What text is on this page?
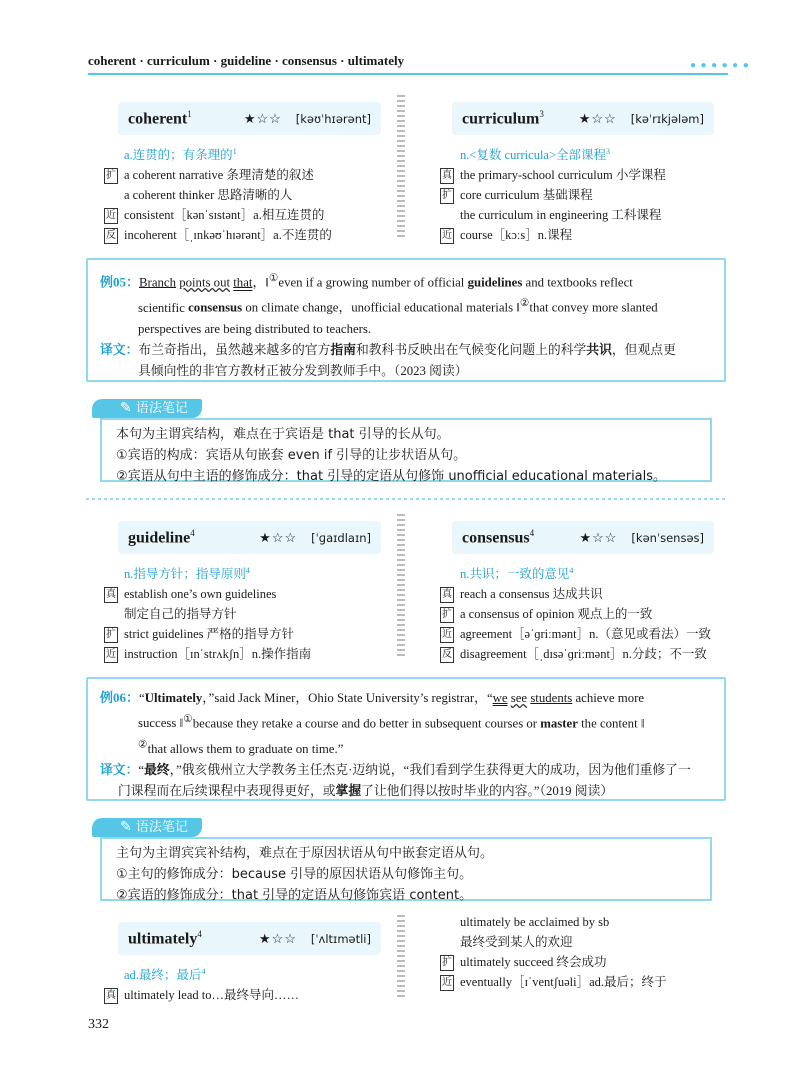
coherent · curriculum · guideline · consensus · ultimately	● ● ● ● ● ●
coherent$^1$	★☆☆ [kəʊˈhɪərənt]
a.连贯的；有条理的$^1$
扩 a coherent narrative 条理清楚的叙述
a coherent thinker 思路清晰的人
近 consistent［kənˈsɪstənt］a.相互连贯的
反 incoherent［ˌɪnkəʊˈhɪərənt］a.不连贯的
curriculum$^3$	★☆☆ [kəˈrɪkjələm]
n.<复数 curricula>全部课程$^3$
真 the primary-school curriculum 小学课程
扩 core curriculum 基础课程
the curriculum in engineering 工科课程
近 course［kɔːs］n.课程
例05：Branch points out that，‖①even if a growing number of official guidelines and textbooks reflect
scientific consensus on climate change，unofficial educational materials ‖②that convey more slanted
perspectives are being distributed to teachers.
译文：布兰奇指出，虽然越来越多的官方指南和教科书反映出在气候变化问题上的科学共识，但观点更
具倾向性的非官方教材正被分发到教师手中。（2023 阅读）
✎ 语法笔记
本句为主谓宾结构，难点在于宾语是 that 引导的长从句。
①宾语的构成：宾语从句嵌套 even if 引导的让步状语从句。
②宾语从句中主语的修饰成分：that 引导的定语从句修饰 unofficial educational materials。
guideline$^4$	★☆☆ [ˈɡaɪdlaɪn]
n.指导方针；指导原则$^4$
真 establish one’s own guidelines
制定自己的指导方针
扩 strict guidelines 严格的指导方针
近 instruction［ɪnˈstrʌkʃn］n.操作指南
consensus$^4$	★☆☆ [kənˈsensəs]
n.共识；一致的意见$^4$
真 reach a consensus 达成共识
扩 a consensus of opinion 观点上的一致
近 agreement［əˈɡriːmənt］n.（意见或看法）一致
反 disagreement［ˌdɪsəˈɡriːmənt］n.分歧；不一致
例06：“Ultimately，”said Jack Miner，Ohio State University’s registrar，“we see students achieve more
success ‖①because they retake a course and do better in subsequent courses or master the content ‖
②that allows them to graduate on time.”
译文：“最终，”俄亥俄州立大学教务主任杰克·迈纳说，“我们看到学生获得更大的成功，因为他们重修了一
门课程而在后续课程中表现得更好，或掌握了让他们得以按时毕业的内容。”（2019 阅读）
✎ 语法笔记
主句为主谓宾宾补结构，难点在于原因状语从句中嵌套定语从句。
①主句的修饰成分：because 引导的原因状语从句修饰主句。
②宾语的修饰成分：that 引导的定语从句修饰宾语 content。
ultimately$^4$	★☆☆ [ˈʌltɪmətli]
ad.最终；最后$^4$
真 ultimately lead to…最终导向……
ultimately be acclaimed by sb
最终受到某人的欢迎
扩 ultimately succeed 终会成功
近 eventually［ɪˈventʃuəli］ad.最后；终于
332
